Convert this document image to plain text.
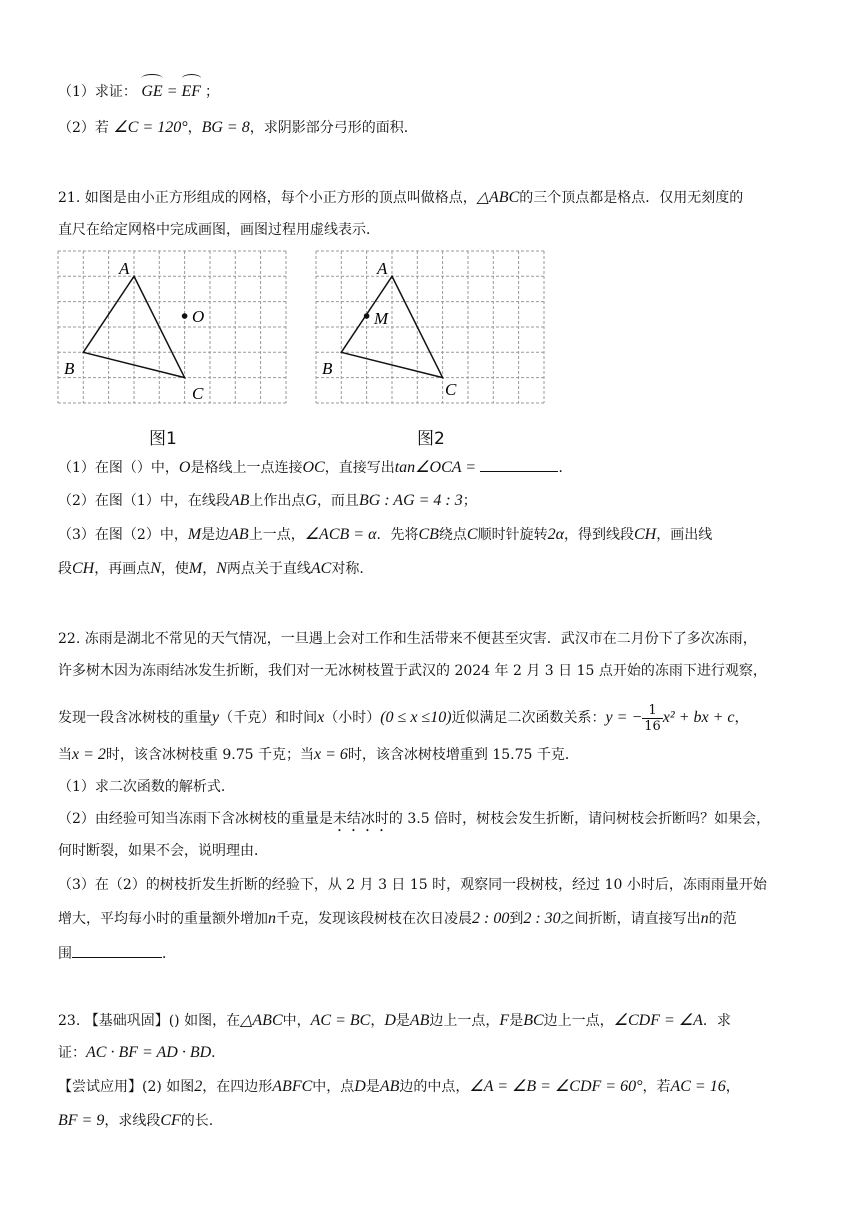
（1）求证： GE
= EF ；
（2）若 ∠C = 120°，BG = 8，求阴影部分弓形的面积.
21. 如图是由小正方形组成的网格，每个小正方形的顶点叫做格点，△ABC的三个顶点都是格点．仅用无刻度的
直尺在给定网格中完成画图，画图过程用虚线表示．
A
B
C
O
A
B
C
M
图1	图2
（1）在图（）中，O是格线上一点连接OC，直接写出tan∠OCA =	．
（2）在图（1）中，在线段AB上作出点G，而且BG : AG = 4 : 3；
（3）在图（2）中，M是边AB上一点，∠ACB = α．先将CB绕点C顺时针旋转2α，得到线段CH，画出线
段CH，再画点N，使M，N两点关于直线AC对称.
22. 冻雨是湖北不常见的天气情况，一旦遇上会对工作和生活带来不便甚至灾害．武汉市在二月份下了多次冻雨，
许多树木因为冻雨结冰发生折断，我们对一无冰树枝置于武汉的 2024 年 2 月 3 日 15 点开始的冻雨下进行观察，
发现一段含冰树枝的重量y（千克）和时间x（小时）(0 ≤ x ≤10)近似满足二次函数关系：y = − $\frac{1}{16} x^2$ + bx + c，
当x = 2时，该含冰树枝重 9.75 千克；当x = 6时，该含冰树枝增重到 15.75 千克．
（1）求二次函数的解析式．
（2）由经验可知当冻雨下含冰树枝的重量是未结冰时的 3.5 倍时，树枝会发生折断，请问树枝会折断吗？如果会，
何时断裂，如果不会，说明理由．
（3）在（2）的树枝折发生折断的经验下，从 2 月 3 日 15 时，观察同一段树枝，经过 10 小时后，冻雨雨量开始
增大，平均每小时的重量额外增加n千克，发现该段树枝在次日凌晨2 : 00到2 : 30之间折断，请直接写出n的范
围	．
23. 【基础巩固】() 如图，在△ABC中，AC = BC，D是AB边上一点，F是BC边上一点，∠CDF = ∠A．求
证：AC · BF = AD · BD．
【尝试应用】(2) 如图2，在四边形ABFC中，点D是AB边的中点，∠A = ∠B = ∠CDF = 60°，若AC = 16，
BF = 9，求线段CF的长.
